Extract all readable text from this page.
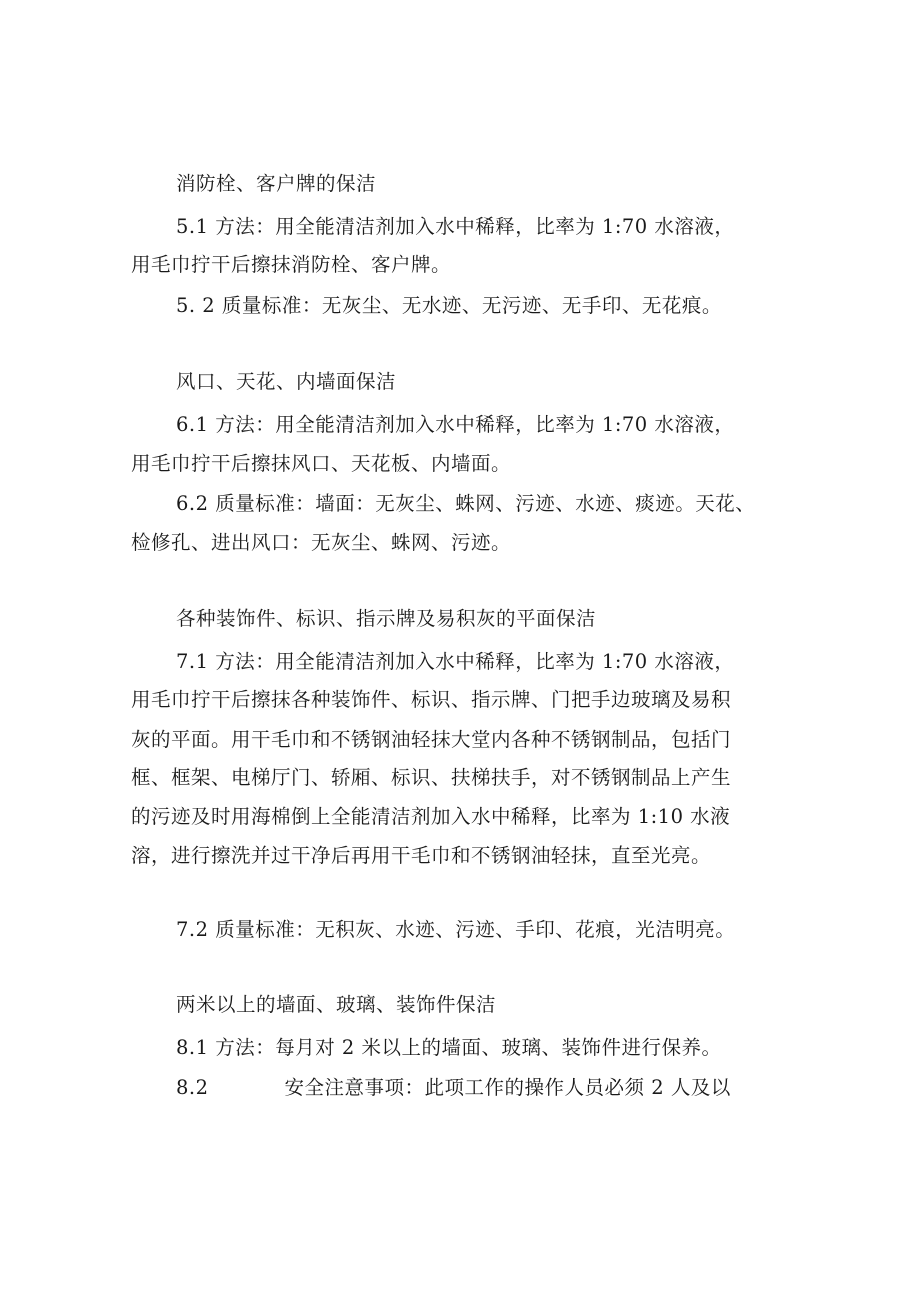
消防栓、客户牌的保洁
5.1 方法：用全能清洁剂加入水中稀释，比率为 1:70 水溶液，
用毛巾拧干后擦抹消防栓、客户牌。
5. 2 质量标准：无灰尘、无水迹、无污迹、无手印、无花痕。
风口、天花、内墙面保洁
6.1 方法：用全能清洁剂加入水中稀释，比率为 1:70 水溶液，
用毛巾拧干后擦抹风口、天花板、内墙面。
6.2 质量标准：墙面：无灰尘、蛛网、污迹、水迹、痰迹。天花、
检修孔、进出风口：无灰尘、蛛网、污迹。
各种装饰件、标识、指示牌及易积灰的平面保洁
7.1 方法：用全能清洁剂加入水中稀释，比率为 1:70 水溶液，
用毛巾拧干后擦抹各种装饰件、标识、指示牌、门把手边玻璃及易积
灰的平面。用干毛巾和不锈钢油轻抹大堂内各种不锈钢制品，包括门
框、框架、电梯厅门、轿厢、标识、扶梯扶手，对不锈钢制品上产生
的污迹及时用海棉倒上全能清洁剂加入水中稀释，比率为 1:10 水液
溶，进行擦洗并过干净后再用干毛巾和不锈钢油轻抹，直至光亮。
7.2 质量标准：无积灰、水迹、污迹、手印、花痕，光洁明亮。
两米以上的墙面、玻璃、装饰件保洁
8.1 方法：每月对 2 米以上的墙面、玻璃、装饰件进行保养。
8.2	安全注意事项：此项工作的操作人员必须 2 人及以
